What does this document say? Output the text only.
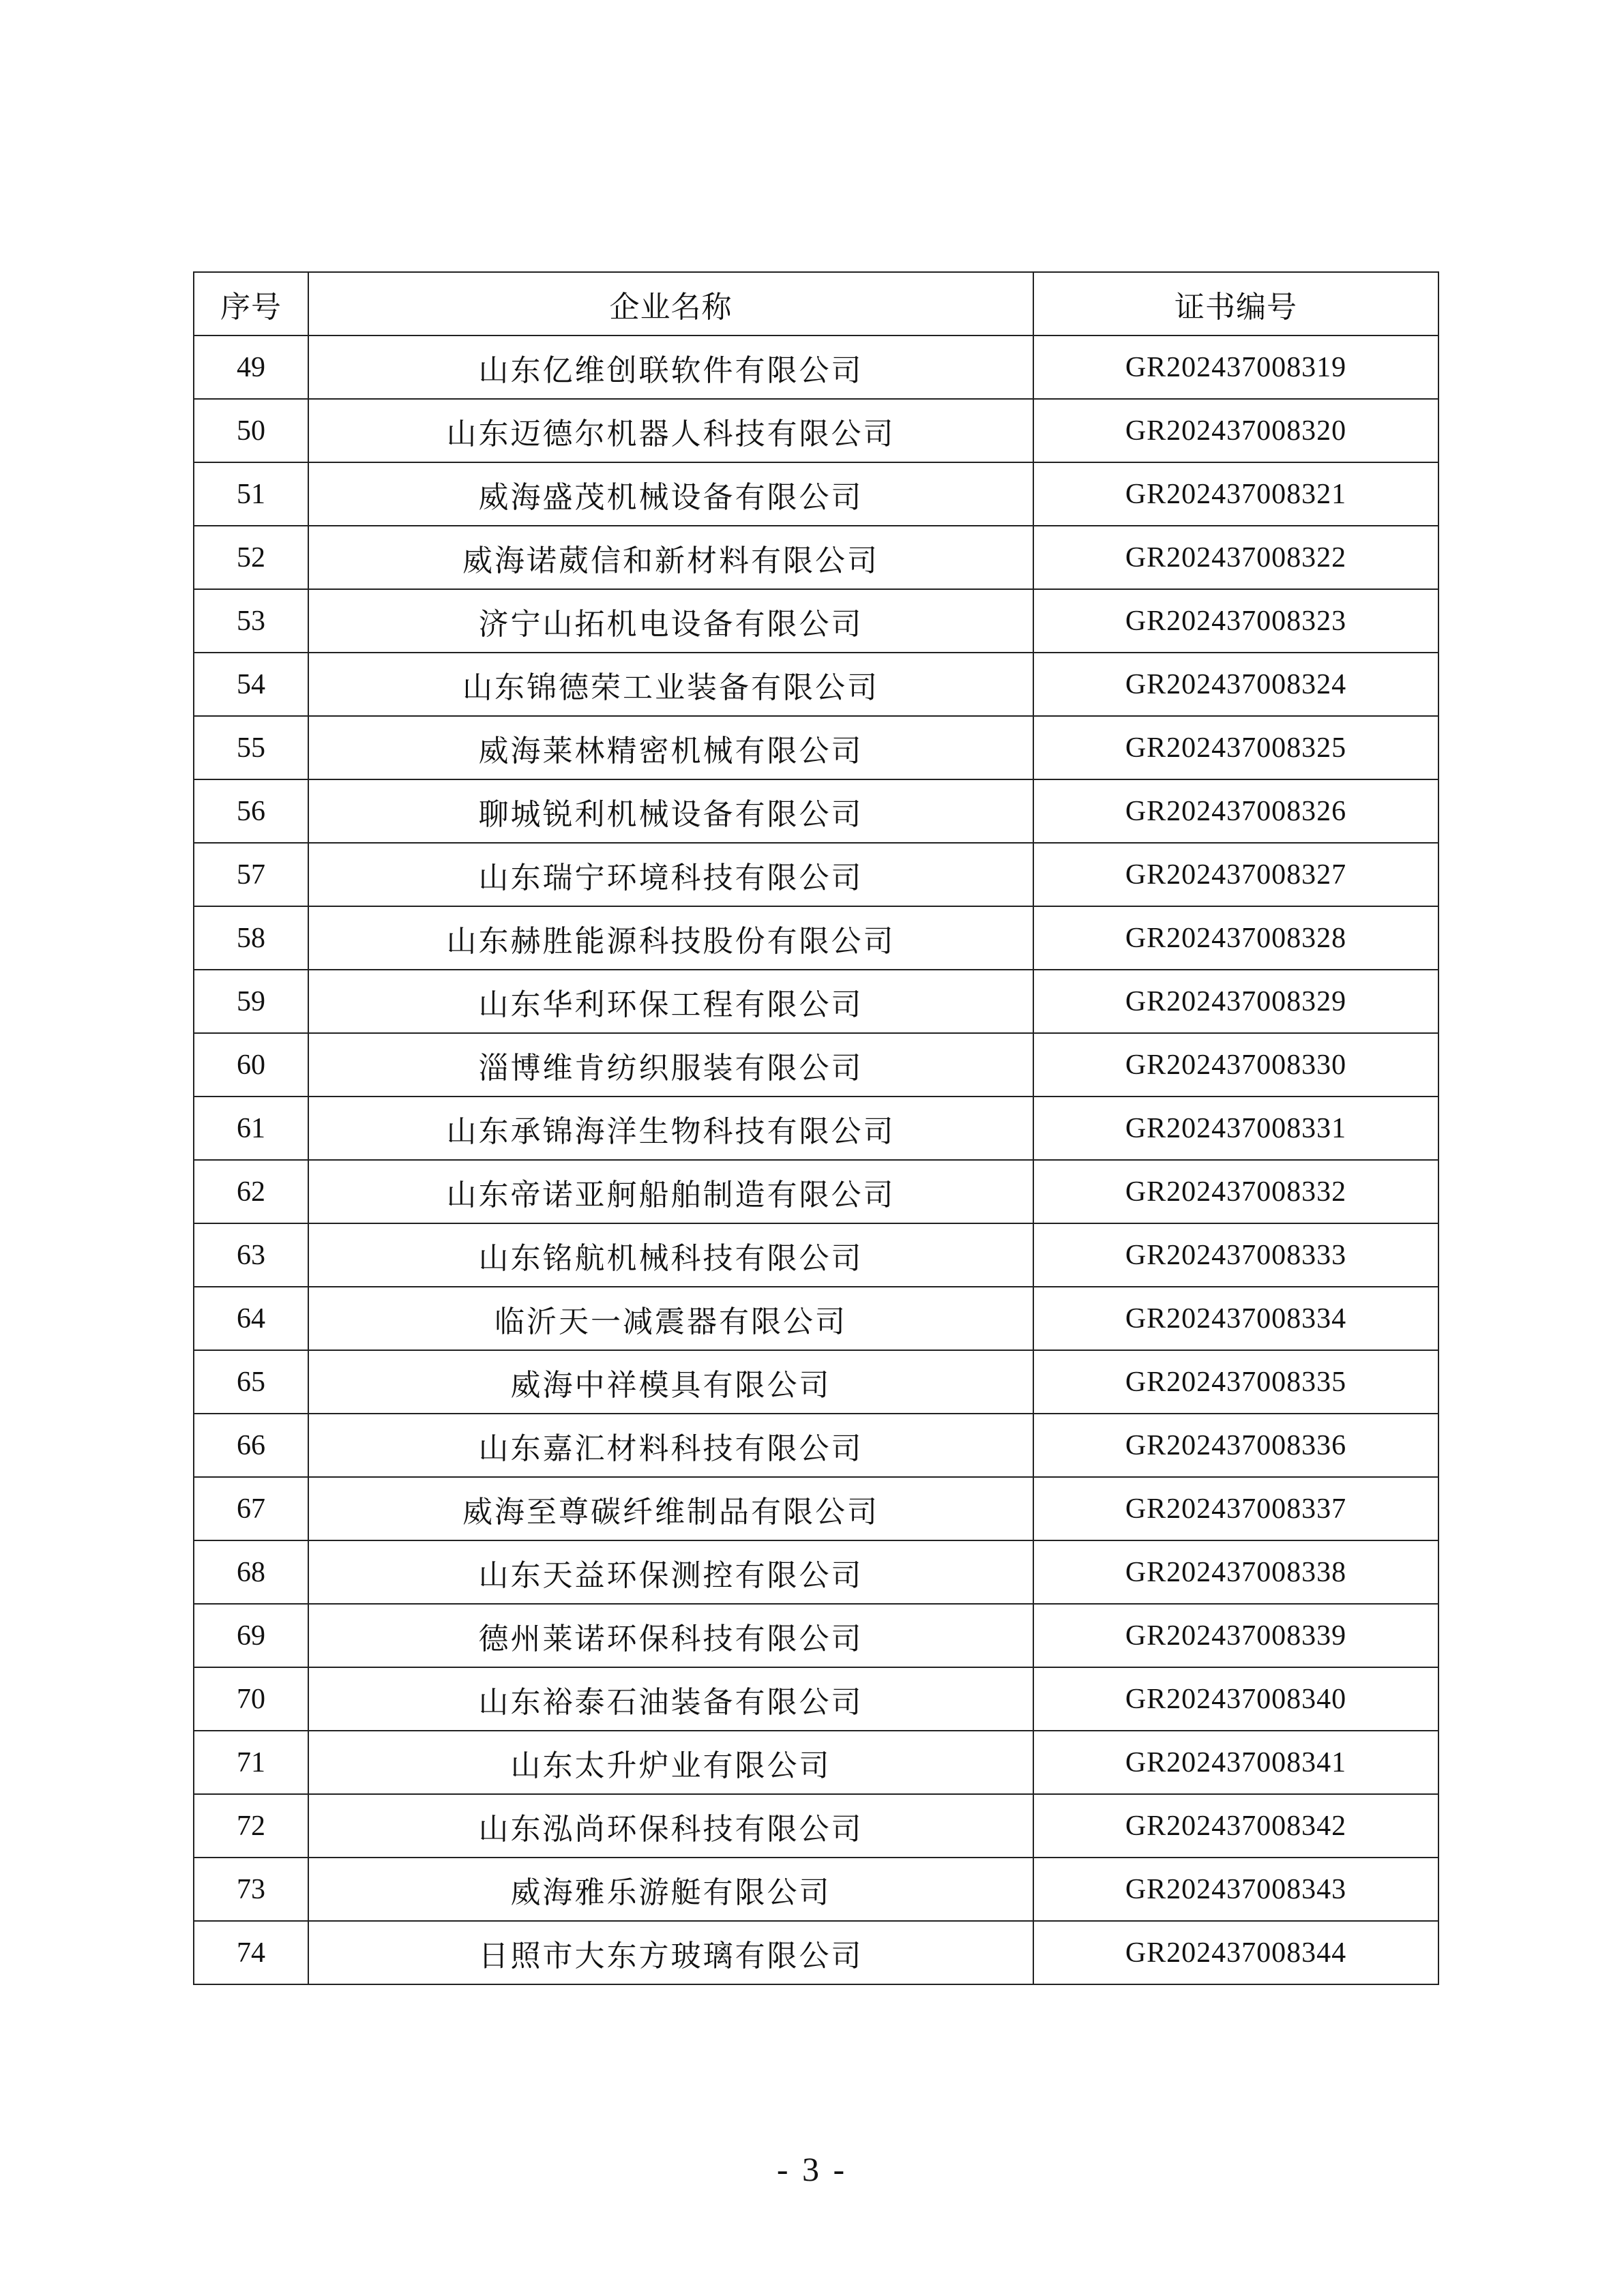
序号	企业名称	证书编号
49	山东亿维创联软件有限公司	GR202437008319
50	山东迈德尔机器人科技有限公司	GR202437008320
51	威海盛茂机械设备有限公司	GR202437008321
52	威海诺葳信和新材料有限公司	GR202437008322
53	济宁山拓机电设备有限公司	GR202437008323
54	山东锦德荣工业装备有限公司	GR202437008324
55	威海莱林精密机械有限公司	GR202437008325
56	聊城锐利机械设备有限公司	GR202437008326
57	山东瑞宁环境科技有限公司	GR202437008327
58	山东赫胜能源科技股份有限公司	GR202437008328
59	山东华利环保工程有限公司	GR202437008329
60	淄博维肯纺织服装有限公司	GR202437008330
61	山东承锦海洋生物科技有限公司	GR202437008331
62	山东帝诺亚舸船舶制造有限公司	GR202437008332
63	山东铭航机械科技有限公司	GR202437008333
64	临沂天一减震器有限公司	GR202437008334
65	威海中祥模具有限公司	GR202437008335
66	山东嘉汇材料科技有限公司	GR202437008336
67	威海至尊碳纤维制品有限公司	GR202437008337
68	山东天益环保测控有限公司	GR202437008338
69	德州莱诺环保科技有限公司	GR202437008339
70	山东裕泰石油装备有限公司	GR202437008340
71	山东太升炉业有限公司	GR202437008341
72	山东泓尚环保科技有限公司	GR202437008342
73	威海雅乐游艇有限公司	GR202437008343
74	日照市大东方玻璃有限公司	GR202437008344
- 3 -
